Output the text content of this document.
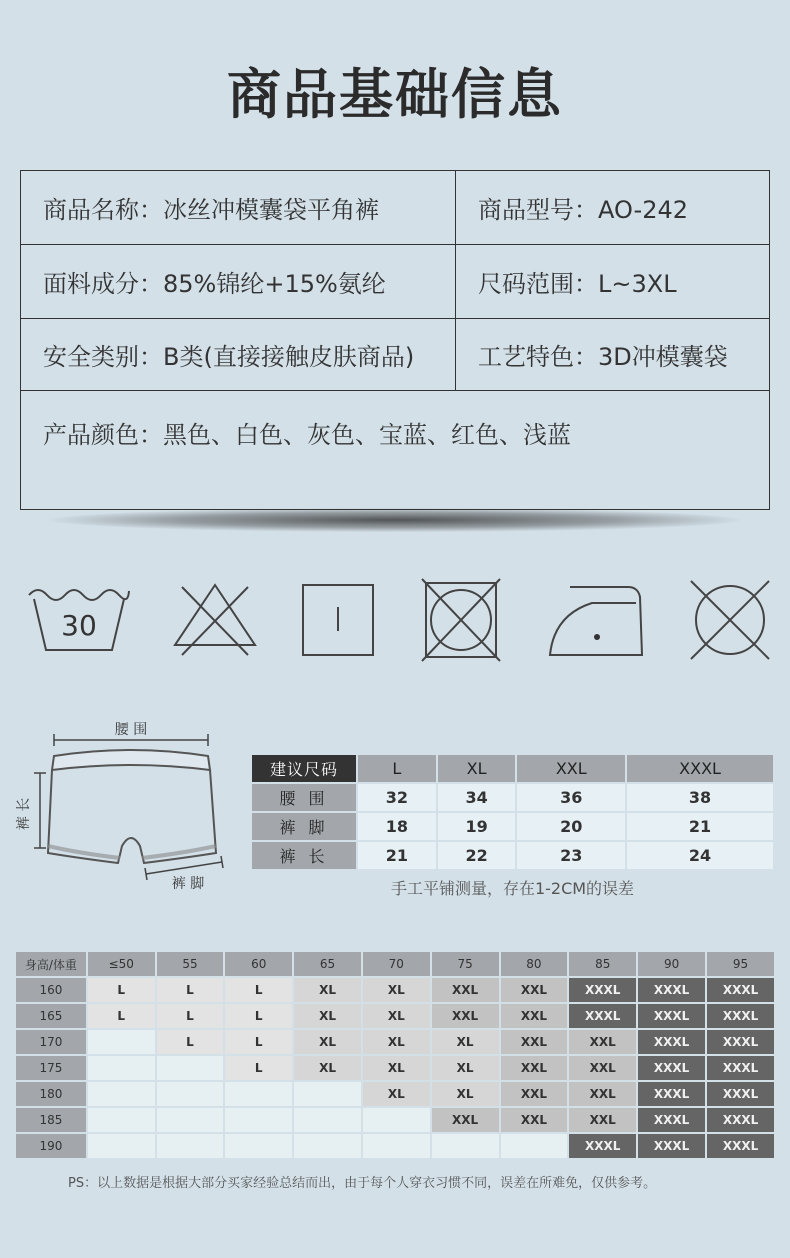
商品基础信息
商品名称：冰丝冲模囊袋平角裤	商品型号：AO-242
面料成分：85%锦纶+15%氨纶	尺码范围：L~3XL
安全类别：B类(直接接触皮肤商品)	工艺特色：3D冲模囊袋
产品颜色：黑色、白色、灰色、宝蓝、红色、浅蓝
30
腰 围
裤 长
裤 脚
建议尺码	L	XL	XXL	XXXL
腰 围	32	34	36	38
裤 脚	18	19	20	21
裤 长	21	22	23	24
手工平铺测量，存在1-2CM的误差
身高/体重	≤50	55	60	65	70	75	80	85	90	95
160	L	L	L	XL	XL	XXL	XXL	XXXL	XXXL	XXXL
165	L	L	L	XL	XL	XXL	XXL	XXXL	XXXL	XXXL
170		L	L	XL	XL	XL	XXL	XXL	XXXL	XXXL
175			L	XL	XL	XL	XXL	XXL	XXXL	XXXL
180					XL	XL	XXL	XXL	XXXL	XXXL
185						XXL	XXL	XXL	XXXL	XXXL
190								XXXL	XXXL	XXXL
PS：以上数据是根据大部分买家经验总结而出，由于每个人穿衣习惯不同，误差在所难免，仅供参考。
